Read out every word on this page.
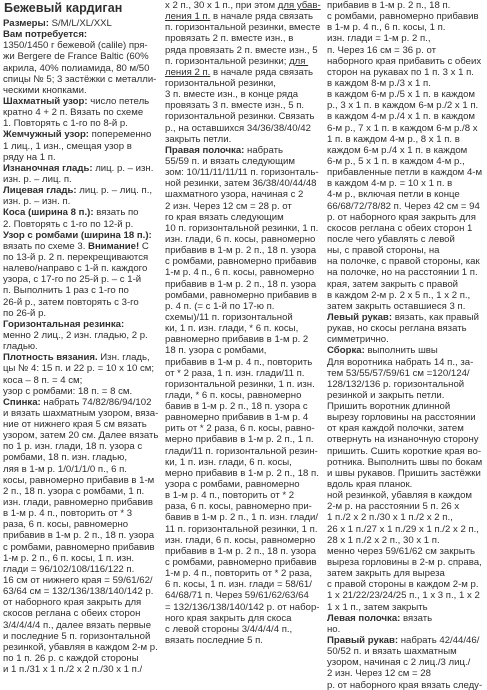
Бежевый кардиган
Размеры: S/M/L/XL/XXL
Вам потребуется:
1350/1450 г бежевой (calile) пря-
жи Bergere de France Baltic (60%
акрила, 40% полиамида, 80 м/50
спицы № 5; 3 застёжки с металли-
ческими кнопками.
Шахматный узор: число петель
кратно 4 + 2 п. Вязать по схеме
1. Повторять с 1-го по 8-й р.
Жемчужный узор: попеременно
1 лиц., 1 изн., смещая узор в
ряду на 1 п.
Изнаночная гладь: лиц. р. – изн.
изн. р. – лиц. п.
Лицевая гладь: лиц. р. – лиц. п.,
изн. р. – изн. п.
Коса (ширина 8 п.): вязать по
2. Повторять с 1-го по 12-й р.
Узор с ромбами (ширина 18 п.):
вязать по схеме 3. Внимание! С
по 13-й р. 2 п. перекрещиваются
налево/направо с 1-й п. каждого
узора, с 17-го по 25-й р. – с 1-й
п. Выполнить 1 раз с 1-го по
26-й р., затем повторять с 3-го
по 26-й р.
Горизонтальная резинка:
менно 2 лиц., 2 изн. гладью, 2 р.
гладью.
Плотность вязания. Изн. гладь,
цы № 4: 15 п. и 22 р. = 10 х 10 см;
коса – 8 п. = 4 см;
узор с ромбами: 18 п. = 8 см.
Спинка: набрать 74/82/86/94/102
и вязать шахматным узором, вяза-
ние от нижнего края 5 см вязать
узором, затем 20 см. Далее вязать
по 1 р. изн. глади, 18 п. узора с
ромбами, 18 п. изн. гладью,
ляя в 1-м р. 1/0/1/1/0 п., 6 п.
косы, равномерно прибавив в 1-м
2 п., 18 п. узора с ромбами, 1 п.
изн. глади, равномерно прибавив
в 1-м р. 4 п., повторить от * 3
раза, 6 п. косы, равномерно
прибавив в 1-м р. 2 п., 18 п. узора
с ромбами, равномерно прибавив
1-м р. 2 п., 6 п. косы, 1 п. изн.
глади = 96/102/108/116/122 п.
16 см от нижнего края = 59/61/62/
63/64 см = 132/136/138/140/142 р.
от наборного края закрыть для
скосов реглана с обеих сторон
3/4/4/4/4 п., далее вязать первые
и последние 5 п. горизонтальной
резинкой, убавляя в каждом 2-м р.
по 1 п. 26 р. с каждой стороны
и 1 п./31 х 1 п./2 х 2 п./30 х 1 п./
х 2 п., 30 х 1 п., при этом для убав-
ления 1 п. в начале ряда связать
п. горизонтальной резинки, вместе
провязать 2 п. вместе изн., в
ряда провязать 2 п. вместе изн., 5
п. горизонтальной резинки; для
ления 2 п. в начале ряда связать
горизонтальной резинки,
3 п. вместе изн., в конце ряда
провязать 3 п. вместе изн., 5 п.
горизонтальной резинки. Связать
р., на оставшихся 34/36/38/40/42
закрыть петли.
Правая полочка: набрать
55/59 п. и вязать следующим
зом: 10/11/11/11/11 п. горизонталь-
ной резинки, затем 36/38/40/44/48
шахматного узора, начиная с 2
2 изн. Через 12 см = 28 р. от
го края вязать следующим
10 п. горизонтальной резинки, 1 п.
изн. глади, 6 п. косы, равномерно
прибавив в 1-м р. 2 п., 18 п. узора
с ромбами, равномерно прибавив
1-м р. 4 п., 6 п. косы, равномерно
прибавив в 1-м р. 2 п., 18 п. узора
ромбами, равномерно прибавив в
р. 4 п. (= с 1-й по 17-ю п.
схемы)/11 п. горизонтальной
ки, 1 п. изн. глади, * 6 п. косы,
равномерно прибавив в 1-м р. 2
18 п. узора с ромбами,
прибавив в 1-м р. 4 п., повторить
от * 2 раза, 1 п. изн. глади/11 п.
горизонтальной резинки, 1 п. изн.
глади, * 6 п. косы, равномерно
бавив в 1-м р. 2 п., 18 п. узора с
равномерно прибавив в 1-м р. 4
рить от * 2 раза, 6 п. косы, равно-
мерно прибавив в 1-м р. 2 п., 1 п.
глади/11 п. горизонтальной резин-
ки, 1 п. изн. глади, 6 п. косы,
мерно прибавив в 1-м р. 2 п., 18 п.
узора с ромбами, равномерно
в 1-м р. 4 п., повторить от * 2
раза, 6 п. косы, равномерно при-
бавив в 1-м р. 2 п., 1 п. изн. глади/
11 п. горизонтальной резинки, 1 п.
изн. глади, 6 п. косы, равномерно
прибавив в 1-м р. 2 п., 18 п. узора
с ромбами, равномерно прибавив
1-м р. 4 п., повторить от * 2 раза,
6 п. косы, 1 п. изн. глади = 58/61/
64/68/71 п. Через 59/61/62/63/64
= 132/136/138/140/142 р. от набор-
ного края закрыть для скоса
с левой стороны 3/4/4/4/4 п.,
вязать последние 5 п.
прибавив в 1-м р. 2 п., 18 п.
с ромбами, равномерно прибавив
в 1-м р. 4 п., 6 п. косы, 1 п.
изн. глади = 1-м р. 2 п.,
п. Через 16 см = 36 р. от
наборного края прибавить с обеих
сторон на рукавах по 1 п. 3 х 1 п.
в каждом 8-м р./3 х 1 п.
в каждом 6-м р./5 х 1 п. в каждом
р., 3 х 1 п. в каждом 6-м р./2 х 1 п.
в каждом 4-м р./4 х 1 п. в каждом
6-м р., 7 х 1 п. в каждом 6-м р./8 х
1 п. в каждом 4-м р., 8 х 1 п. в
каждом 6-м р./4 х 1 п. в каждом
6-м р., 5 х 1 п. в каждом 4-м р.,
прибавленные петли в каждом 4-м
в каждом 4-м р. = 10 х 1 п. в
4-м р., включая петли в конце
66/68/72/78/82 п. Через 42 см = 94
р. от наборного края закрыть для
скосов реглана с обеих сторон 1
после чего убавлять с левой
ны, с правой стороны, на
на полочке, с правой стороны, как
на полочке, но на расстоянии 1 п.
края, затем закрыть с правой
в каждом 2-м р. 2 х 5 п., 1 х 2 п.,
затем закрыть оставшиеся 3 п.
Левый рукав: вязать, как правый
рукав, но скосы реглана вязать
симметрично.
Сборка: выполнить швы
Для воротника набрать 14 п., за-
тем 53/55/57/59/61 см =120/124/
128/132/136 р. горизонтальной
резинкой и закрыть петли.
Пришить воротник длинной
вырезу горловины на расстоянии
от края каждой полочки, затем
отвернуть на изнаночную сторону
пришить. Сшить короткие края во-
ротника. Выполнить швы по бокам
и швы рукавов. Пришить застёжки
вдоль края планок.
ной резинкой, убавляя в каждом
2-м р. на расстоянии 5 п. 26 х
1 п./2 х 2 п./30 х 1 п./2 х 2 п.,
26 х 1 п./27 х 1 п./29 х 1 п./2 х 2 п.,
28 х 1 п./2 х 2 п., 30 х 1 п.
менно через 59/61/62 см закрыть
выреза горловины в 2-м р. справа,
затем закрыть для выреза
с правой стороны в каждом 2-м р.
1 х 21/22/23/24/25 п., 1 х 3 п., 1 х 2
1 х 1 п., затем закрыть
Левая полочка: вязать
но.
Правый рукав: набрать 42/44/46/
50/52 п. и вязать шахматным
узором, начиная с 2 лиц./3 лиц./
2 изн. Через 12 см = 28
р. от наборного края вязать следу-
